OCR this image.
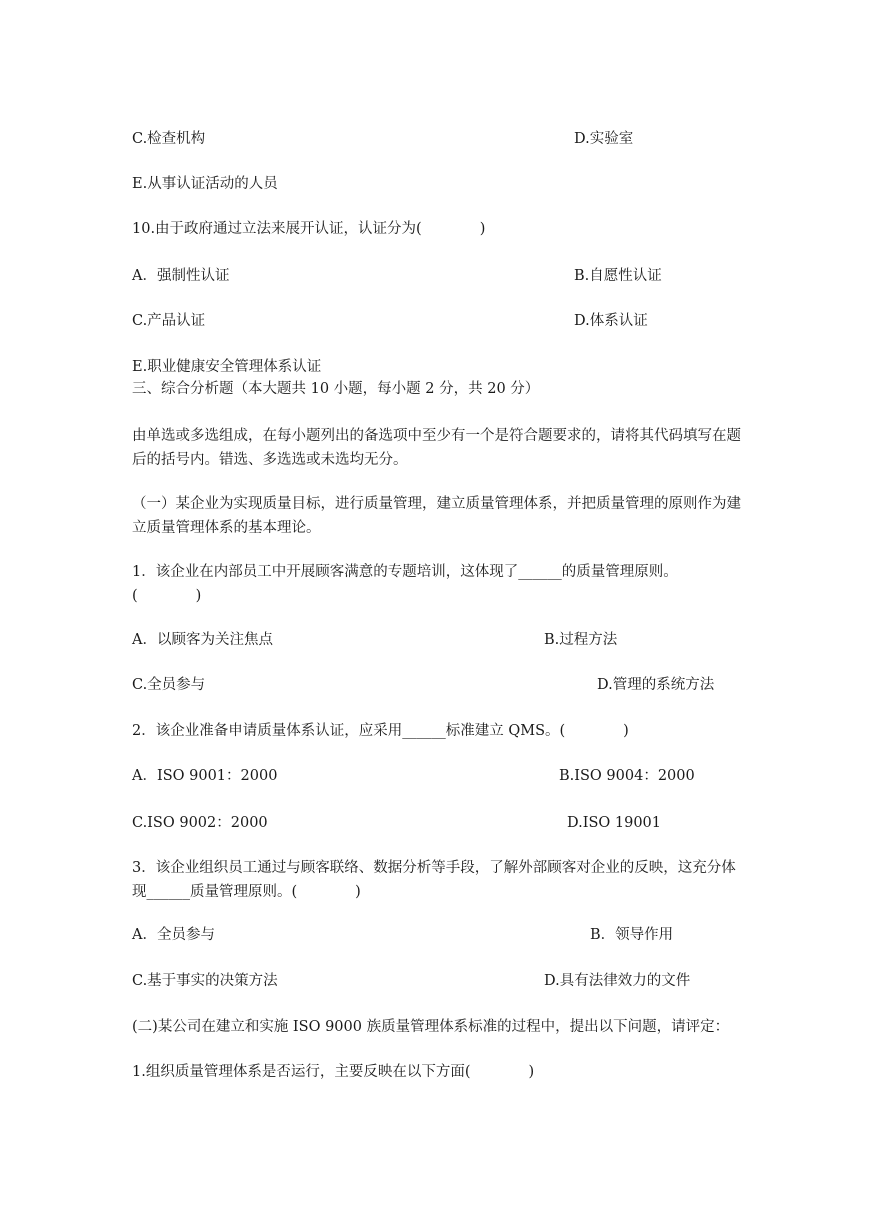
C.检查机构	D.实验室
E.从事认证活动的人员
10.由于政府通过立法来展开认证，认证分为(　　　　)
A．强制性认证	B.自愿性认证
C.产品认证	D.体系认证
E.职业健康安全管理体系认证
三、综合分析题（本大题共 10 小题，每小题 2 分，共 20 分）
由单选或多选组成，在每小题列出的备选项中至少有一个是符合题要求的，请将其代码填写在题后的括号内。错选、多选选或未选均无分。
（一）某企业为实现质量目标，进行质量管理，建立质量管理体系，并把质量管理的原则作为建立质量管理体系的基本理论。
1．该企业在内部员工中开展顾客满意的专题培训，这体现了______的质量管理原则。(　　　　)
A．以顾客为关注焦点	B.过程方法
C.全员参与	D.管理的系统方法
2．该企业准备申请质量体系认证，应采用______标准建立 QMS。(　　　　)
A．ISO 9001：2000	B.ISO 9004：2000
C.ISO 9002：2000	D.ISO 19001
3．该企业组织员工通过与顾客联络、数据分析等手段，了解外部顾客对企业的反映，这充分体现______质量管理原则。(　　　　)
A．全员参与	B．领导作用
C.基于事实的决策方法	D.具有法律效力的文件
(二)某公司在建立和实施 ISO 9000 族质量管理体系标准的过程中，提出以下问题，请评定：
1.组织质量管理体系是否运行，主要反映在以下方面(　　　　)
